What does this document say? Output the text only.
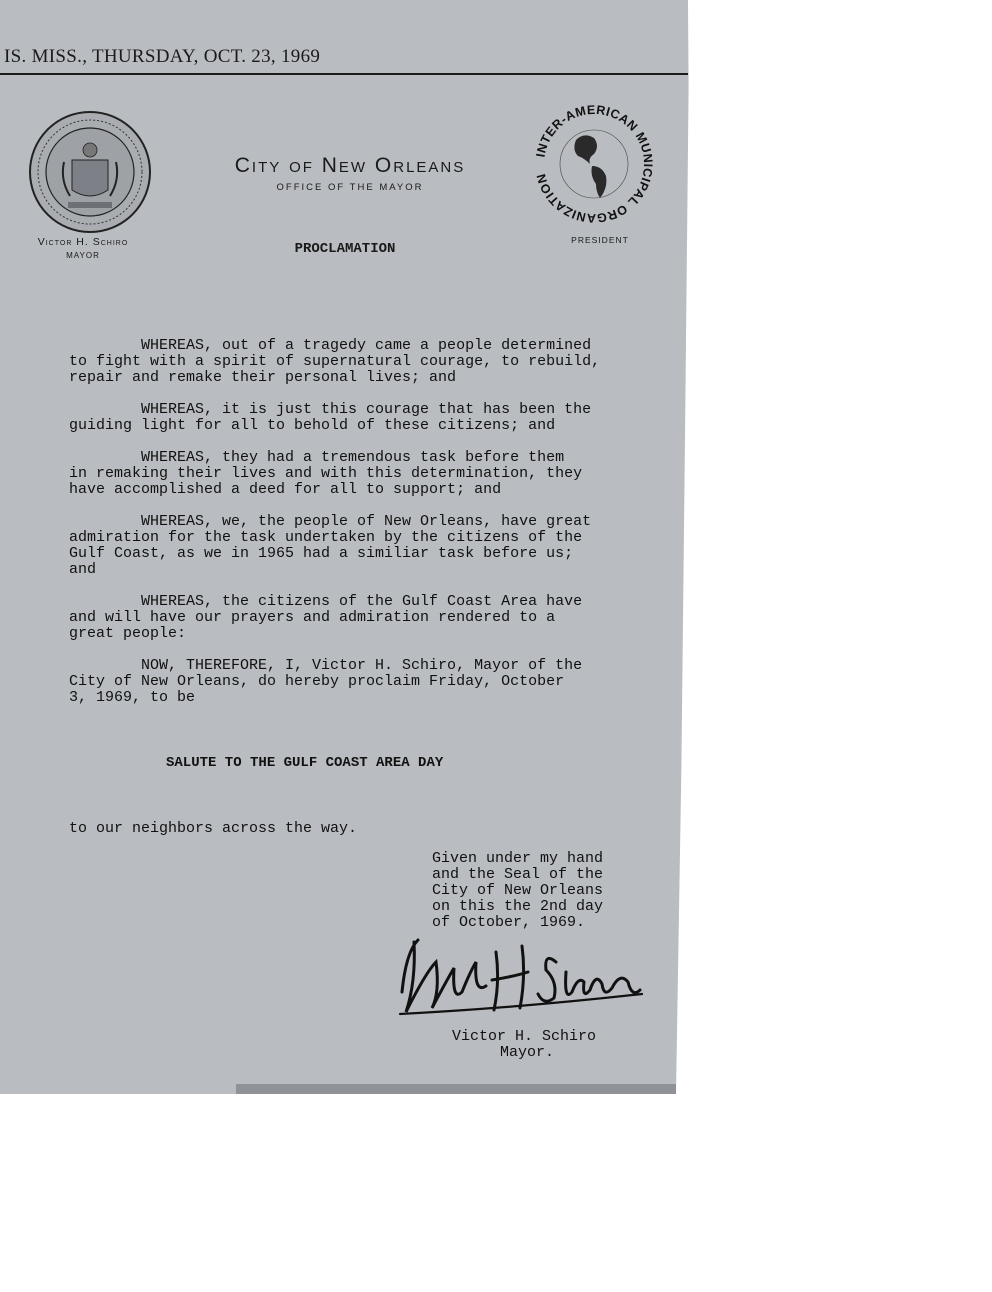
IS. MISS., THURSDAY, OCT. 23, 1969
INTER-AMERICAN MUNICIPAL ORGANIZATION
City of New Orleans
OFFICE OF THE MAYOR
Victor H. Schiro
MAYOR
PRESIDENT
PROCLAMATION

WHEREAS, out of a tragedy came a people determined
to fight with a spirit of supernatural courage, to rebuild,
repair and remake their personal lives; and

WHEREAS, it is just this courage that has been the
guiding light for all to behold of these citizens; and

WHEREAS, they had a tremendous task before them
in remaking their lives and with this determination, they
have accomplished a deed for all to support; and

WHEREAS, we, the people of New Orleans, have great
admiration for the task undertaken by the citizens of the
Gulf Coast, as we in 1965 had a similiar task before us;
and

WHEREAS, the citizens of the Gulf Coast Area have
and will have our prayers and admiration rendered to a
great people:

NOW, THEREFORE, I, Victor H. Schiro, Mayor of the
City of New Orleans, do hereby proclaim Friday, October
3, 1969, to be

SALUTE TO THE GULF COAST AREA DAY
to our neighbors across the way.

Given under my hand
and the Seal of the
City of New Orleans
on this the 2nd day
of October, 1969.

Victor H. Schiro
Mayor.
